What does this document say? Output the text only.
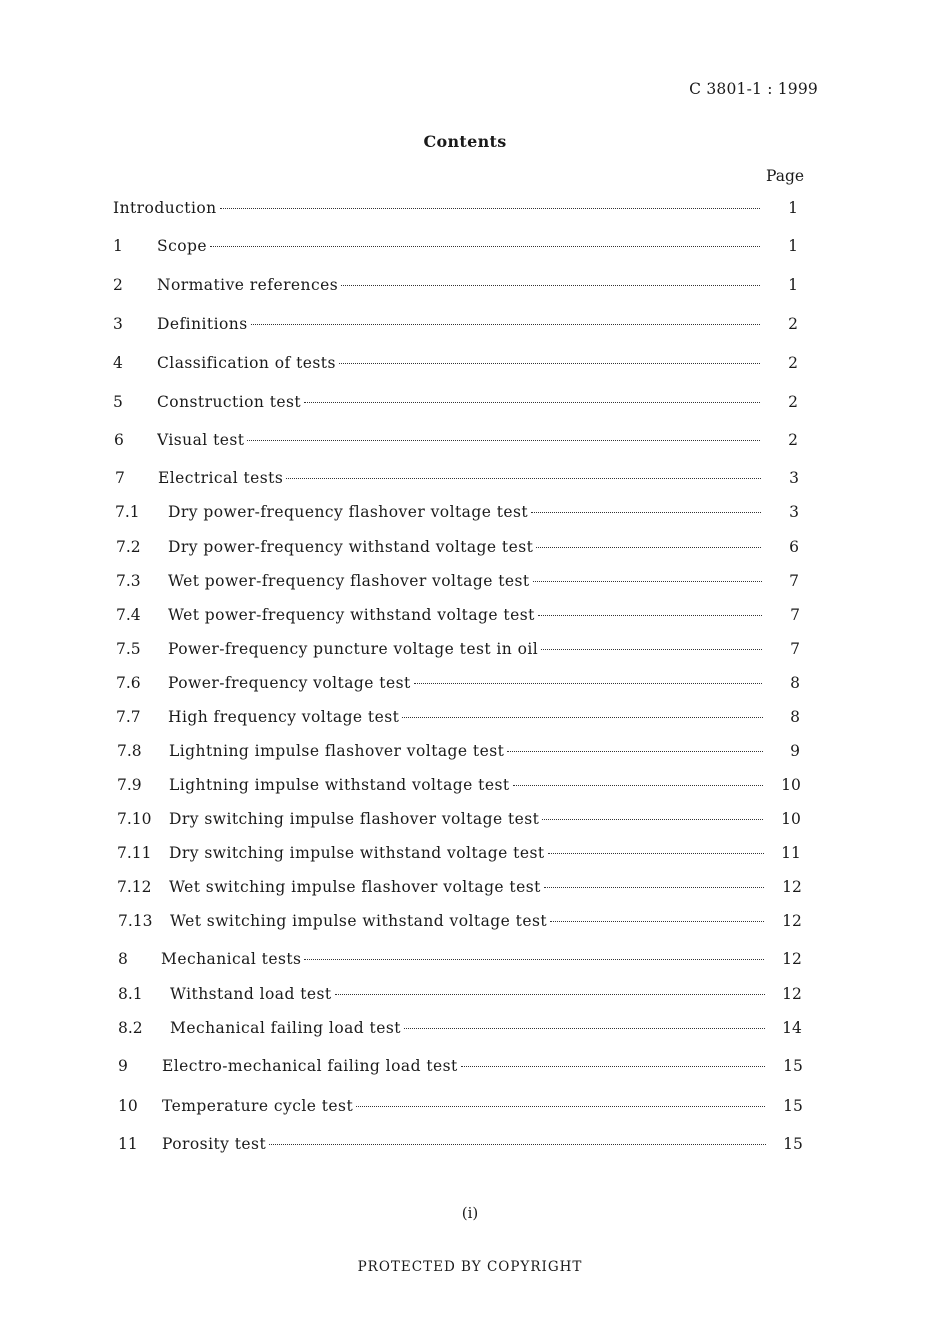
C 3801-1 : 1999
Contents
Page
Introduction	1
1 Scope	1
2 Normative references	1
3 Definitions	2
4 Classification of tests	2
5 Construction test	2
6 Visual test	2
7 Electrical tests	3
7.1 Dry power-frequency flashover voltage test	3
7.2 Dry power-frequency withstand voltage test	6
7.3 Wet power-frequency flashover voltage test	7
7.4 Wet power-frequency withstand voltage test	7
7.5 Power-frequency puncture voltage test in oil	7
7.6 Power-frequency voltage test	8
7.7 High frequency voltage test	8
7.8 Lightning impulse flashover voltage test	9
7.9 Lightning impulse withstand voltage test	10
7.10 Dry switching impulse flashover voltage test	10
7.11 Dry switching impulse withstand voltage test	11
7.12 Wet switching impulse flashover voltage test	12
7.13 Wet switching impulse withstand voltage test	12
8 Mechanical tests	12
8.1 Withstand load test	12
8.2 Mechanical failing load test	14
9 Electro-mechanical failing load test	15
10 Temperature cycle test	15
11 Porosity test	15
(i)
PROTECTED BY COPYRIGHT
